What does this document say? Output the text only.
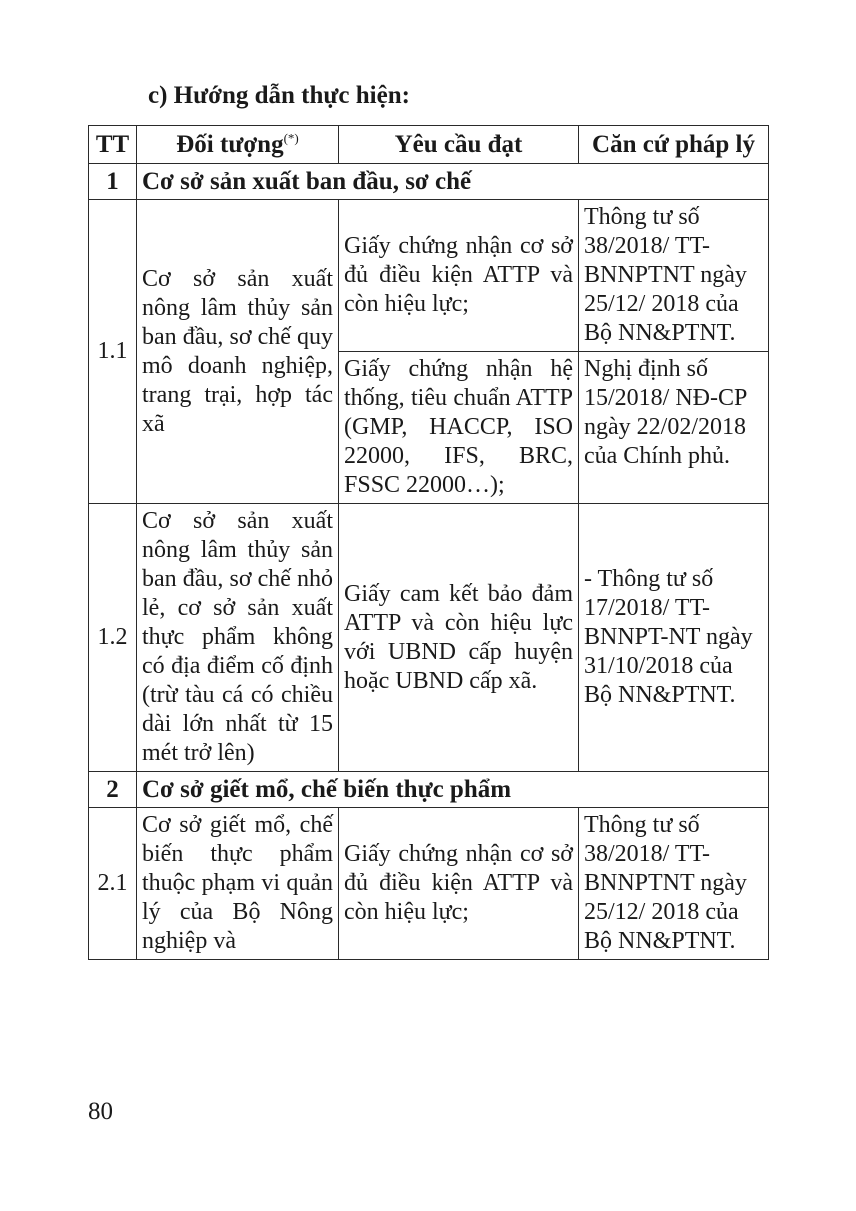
c) Hướng dẫn thực hiện:
TT	Đối tượng(*)	Yêu cầu đạt	Căn cứ pháp lý
1	Cơ sở sản xuất ban đầu, sơ chế		
1.1	Cơ sở sản xuất nông lâm thủy sản ban đầu, sơ chế quy mô doanh nghiệp, trang trại, hợp tác xã	Giấy chứng nhận cơ sở đủ điều kiện ATTP và còn hiệu lực;	Thông tư số 38/2018/ TT-BNNPTNT ngày 25/12/ 2018 của Bộ NN&PTNT.
		Giấy chứng nhận hệ thống, tiêu chuẩn ATTP (GMP, HACCP, ISO 22000, IFS, BRC, FSSC 22000…);	Nghị định số 15/2018/ NĐ-CP ngày 22/02/2018 của Chính phủ.
1.2	Cơ sở sản xuất nông lâm thủy sản ban đầu, sơ chế nhỏ lẻ, cơ sở sản xuất thực phẩm không có địa điểm cố định (trừ tàu cá có chiều dài lớn nhất từ 15 mét trở lên)	Giấy cam kết bảo đảm ATTP và còn hiệu lực với UBND cấp huyện hoặc UBND cấp xã.	- Thông tư số 17/2018/ TT-BNNPT-NT ngày 31/10/2018 của Bộ NN&PTNT.
2	Cơ sở giết mổ, chế biến thực phẩm		
2.1	Cơ sở giết mổ, chế biến thực phẩm thuộc phạm vi quản lý của Bộ Nông nghiệp và	Giấy chứng nhận cơ sở đủ điều kiện ATTP và còn hiệu lực;	Thông tư số 38/2018/ TT-BNNPTNT ngày 25/12/ 2018 của Bộ NN&PTNT.

80
